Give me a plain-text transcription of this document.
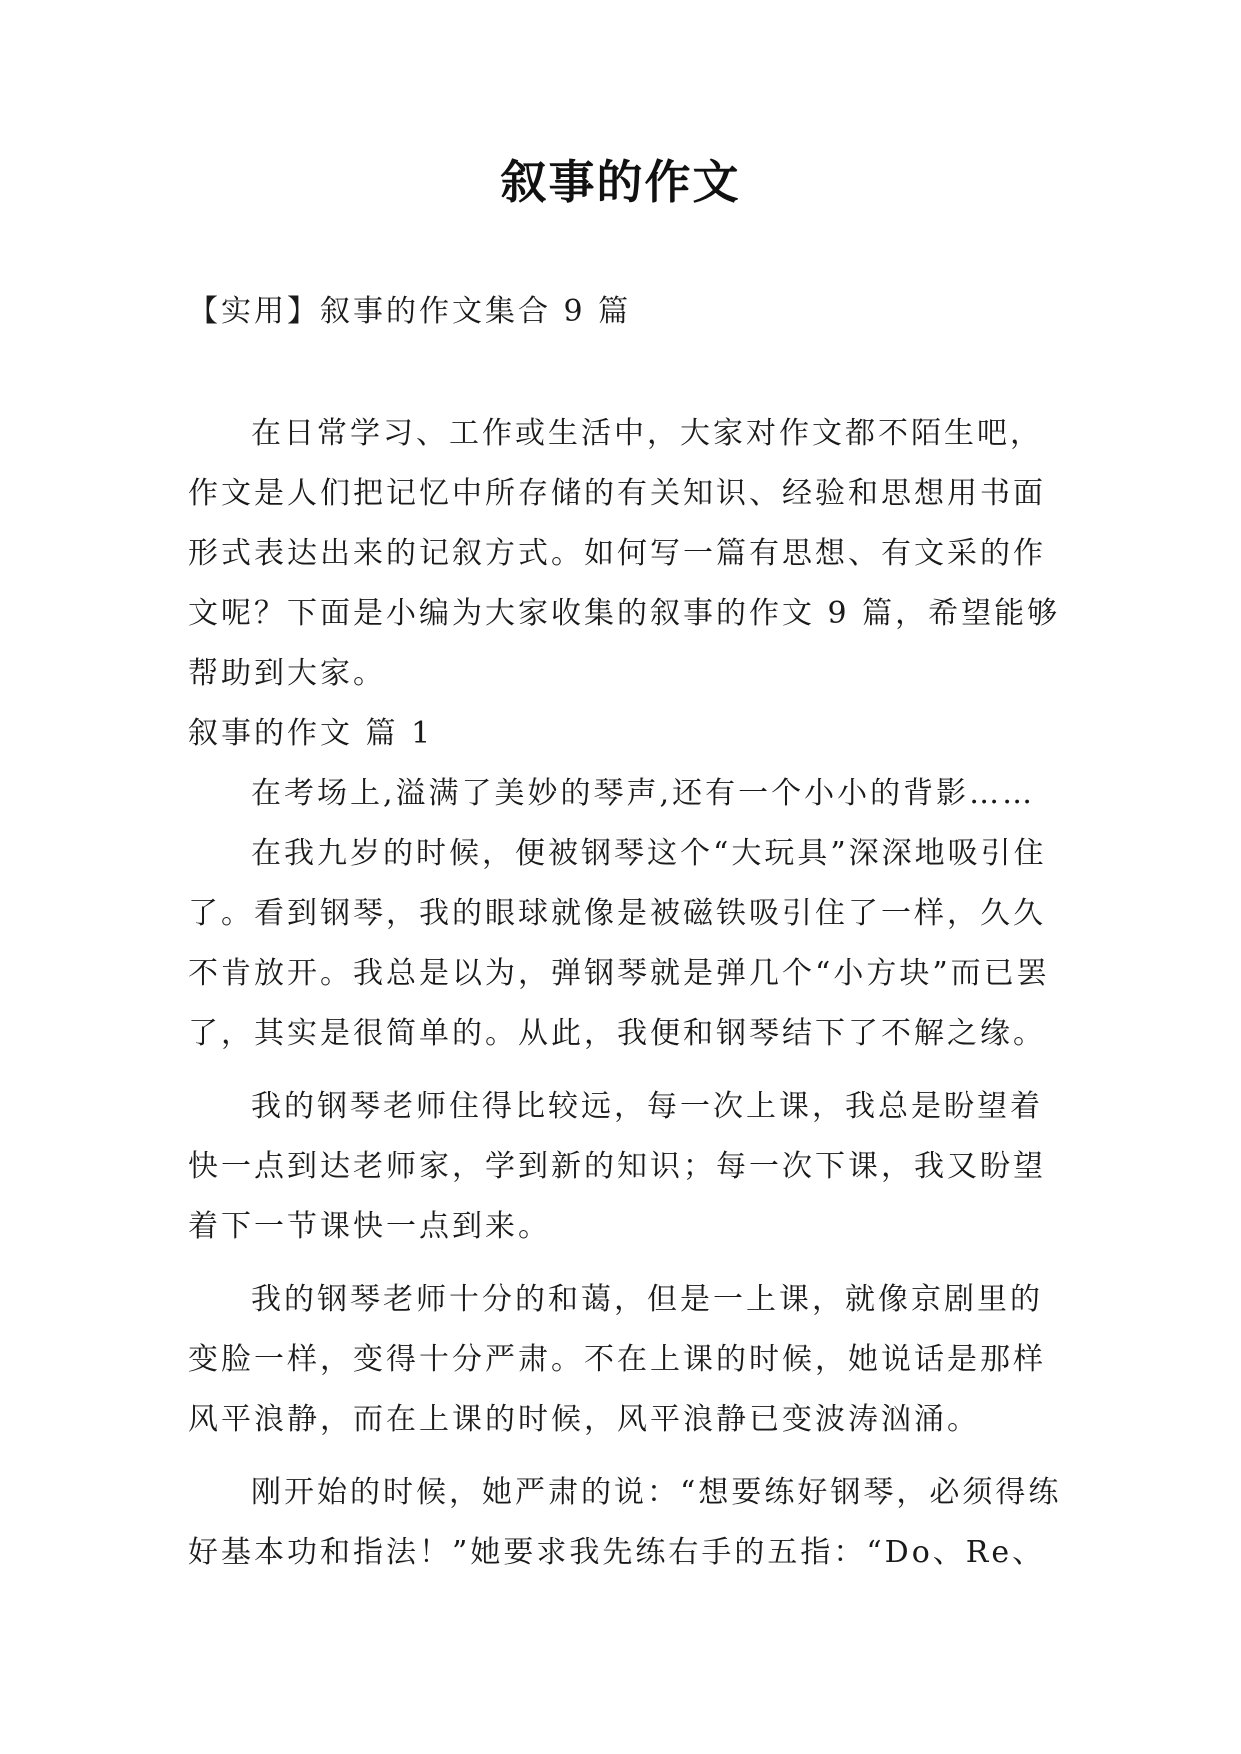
叙事的作文
【实用】叙事的作文集合 9 篇

在日常学习、工作或生活中，大家对作文都不陌生吧，作文是人们把记忆中所存储的有关知识、经验和思想用书面形式表达出来的记叙方式。如何写一篇有思想、有文采的作文呢？下面是小编为大家收集的叙事的作文 9 篇，希望能够帮助到大家。

叙事的作文 篇 1

在考场上,溢满了美妙的琴声,还有一个小小的背影……

在我九岁的时候，便被钢琴这个“大玩具”深深地吸引住了。看到钢琴，我的眼球就像是被磁铁吸引住了一样，久久不肯放开。我总是以为，弹钢琴就是弹几个“小方块”而已罢了，其实是很简单的。从此，我便和钢琴结下了不解之缘。

我的钢琴老师住得比较远，每一次上课，我总是盼望着快一点到达老师家，学到新的知识；每一次下课，我又盼望着下一节课快一点到来。

我的钢琴老师十分的和蔼，但是一上课，就像京剧里的变脸一样，变得十分严肃。不在上课的时候，她说话是那样风平浪静，而在上课的时候，风平浪静已变波涛汹涌。

刚开始的时候，她严肃的说：“想要练好钢琴，必须得练好基本功和指法！”她要求我先练右手的五指：“Do、Re、
